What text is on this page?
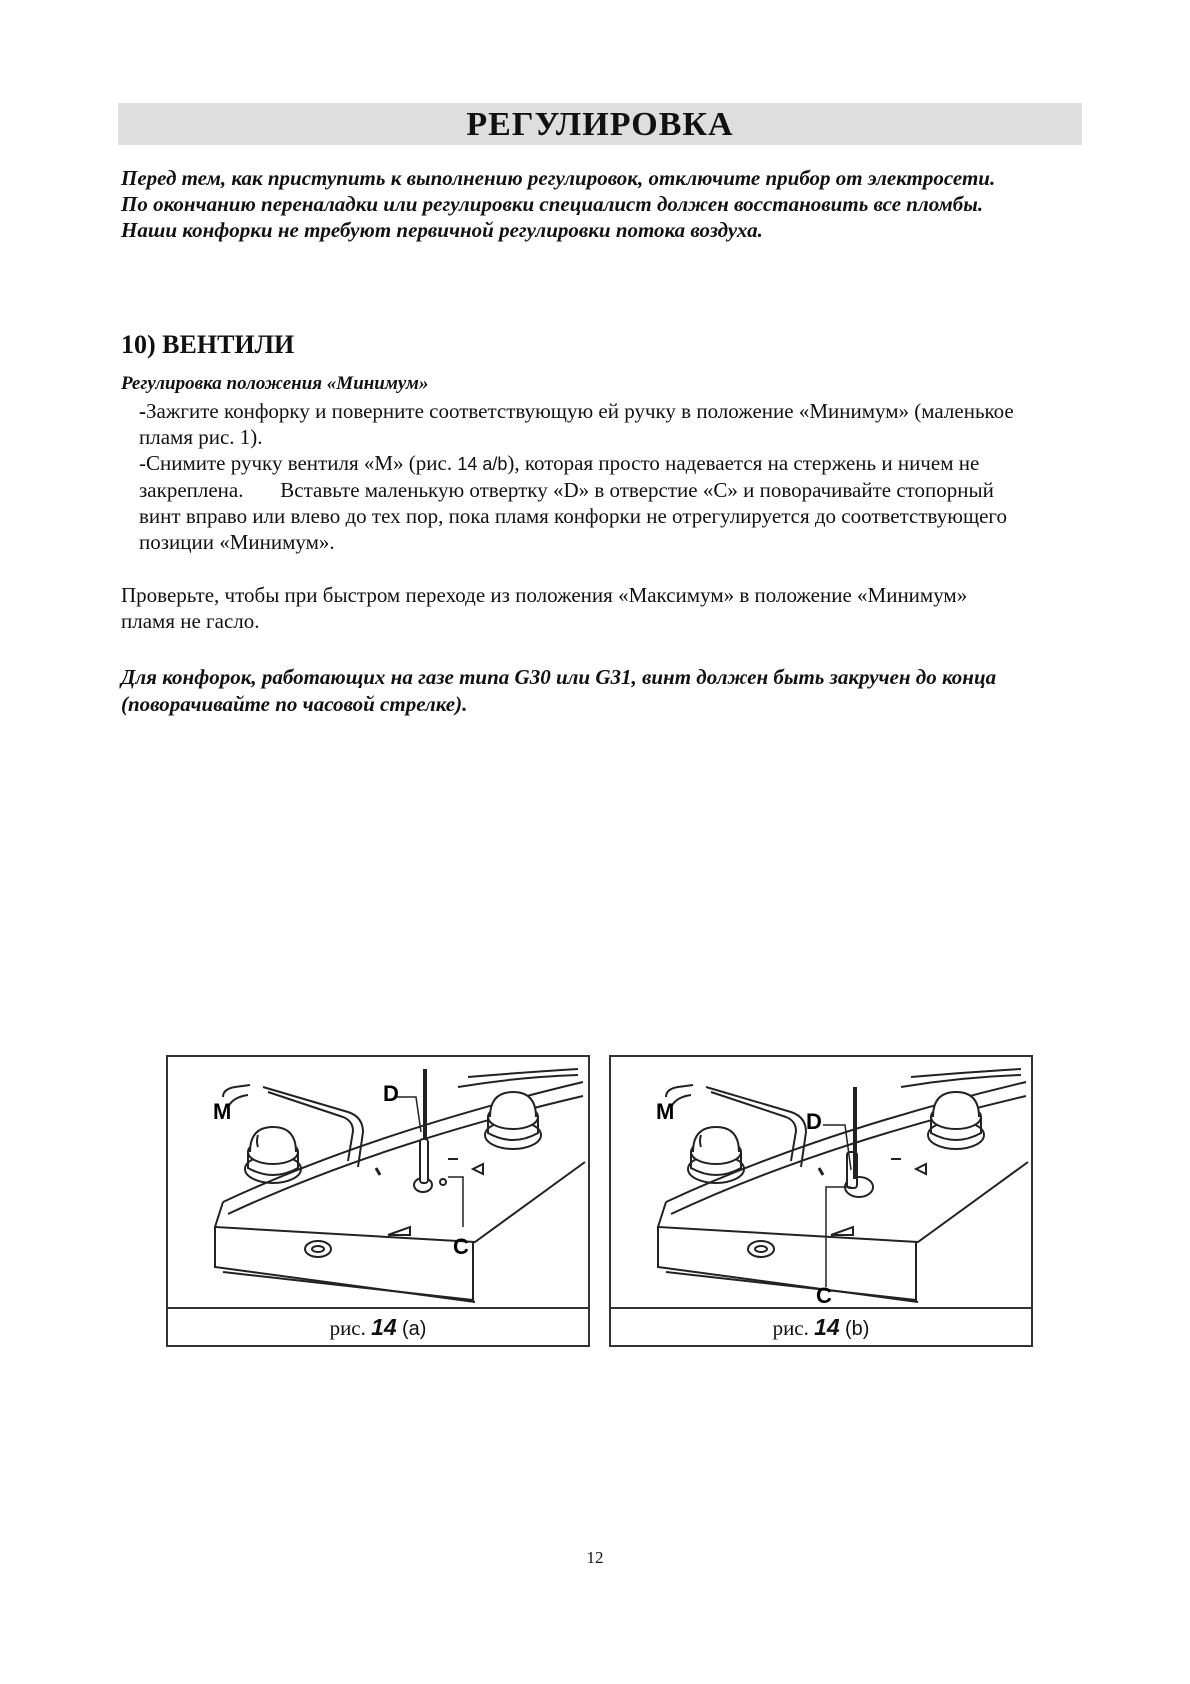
РЕГУЛИРОВКА

Перед тем, как приступить к выполнению регулировок, отключите прибор от электросети.

По окончанию переналадки или регулировки специалист должен восстановить все пломбы.

Наши конфорки не требуют первичной регулировки потока воздуха.

10) ВЕНТИЛИ
Регулировка положения «Минимум»

-Зажгите конфорку и поверните соответствующую ей ручку в положение «Минимум» (маленькое пламя рис. 1).

-Снимите ручку вентиля «М» (рис. 14 a/b), которая просто надевается на стержень и ничем не закреплена. Вставьте маленькую отвертку «D» в отверстие «С» и поворачивайте стопорный винт вправо или влево до тех пор, пока пламя конфорки не отрегулируется до соответствующего позиции «Минимум».

Проверьте, чтобы при быстром переходе из положения «Максимум» в положение «Минимум» пламя не гасло.

Для конфорок, работающих на газе типа G30 или G31, винт должен быть закручен до конца (поворачивайте по часовой стрелке).

M
D
C
рис. 14 (a)
M	D
C
рис. 14 (b)
12
